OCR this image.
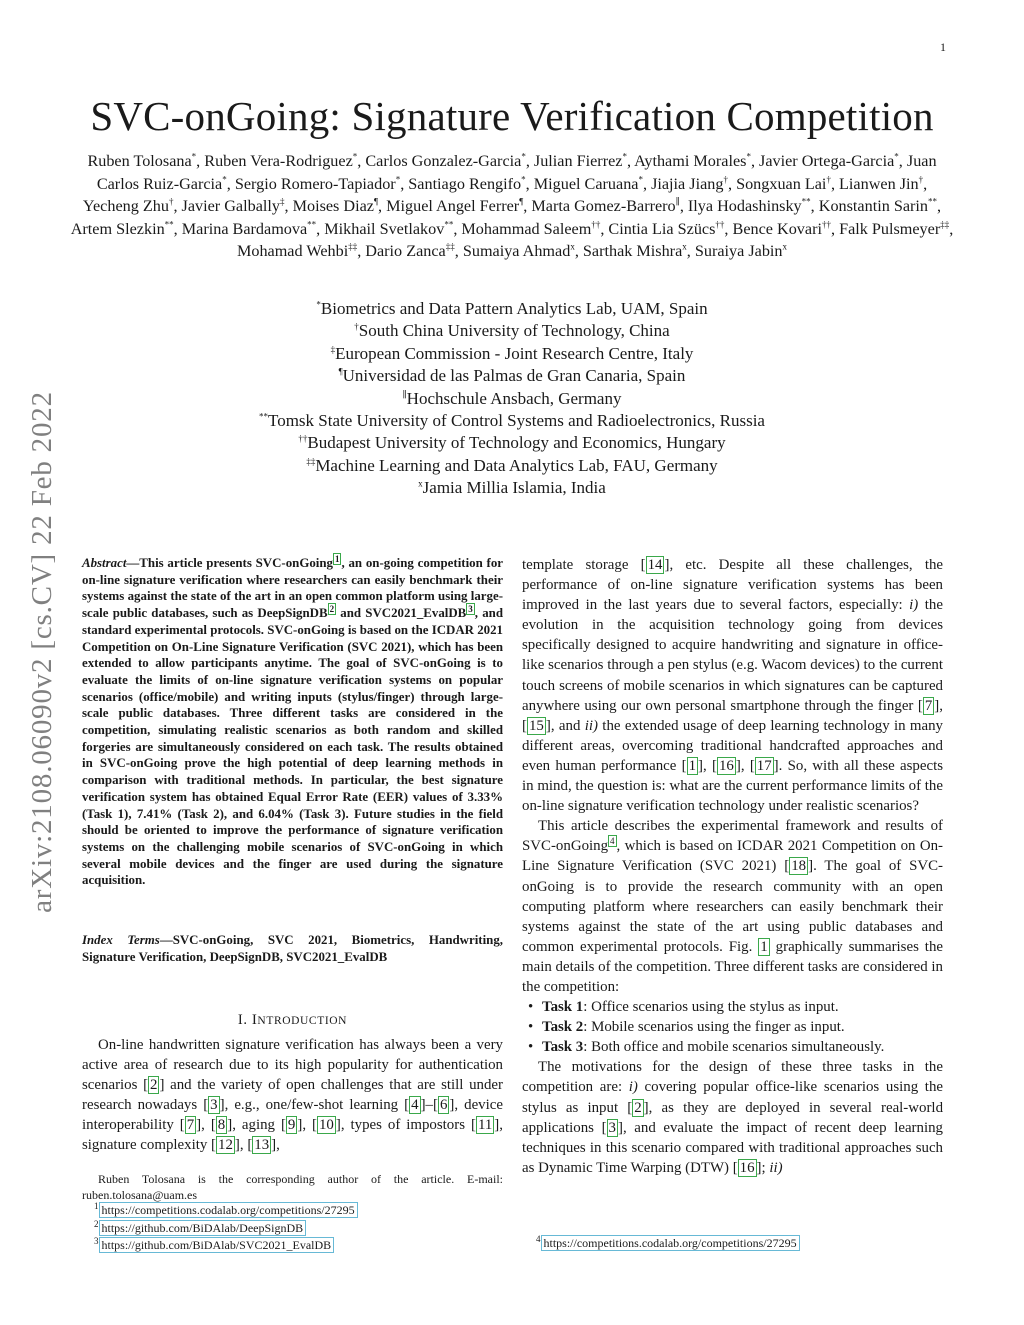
1
arXiv:2108.06090v2 [cs.CV] 22 Feb 2022
SVC-onGoing: Signature Verification Competition
Ruben Tolosana*, Ruben Vera-Rodriguez*, Carlos Gonzalez-Garcia*, Julian Fierrez*, Aythami Morales*, Javier Ortega-Garcia*, Juan Carlos Ruiz-Garcia*, Sergio Romero-Tapiador*, Santiago Rengifo*, Miguel Caruana*, Jiajia Jiang†, Songxuan Lai†, Lianwen Jin†, Yecheng Zhu†, Javier Galbally‡, Moises Diaz¶, Miguel Angel Ferrer¶, Marta Gomez-Barrero∥, Ilya Hodashinsky**, Konstantin Sarin**, Artem Slezkin**, Marina Bardamova**, Mikhail Svetlakov**, Mohammad Saleem††, Cintia Lia Szücs††, Bence Kovari††, Falk Pulsmeyer‡‡, Mohamad Wehbi‡‡, Dario Zanca‡‡, Sumaiya Ahmad$^x$, Sarthak Mishra$^x$, Suraiya Jabin$^x$
*Biometrics and Data Pattern Analytics Lab, UAM, Spain
†South China University of Technology, China
‡European Commission - Joint Research Centre, Italy
¶Universidad de las Palmas de Gran Canaria, Spain
∥Hochschule Ansbach, Germany
**Tomsk State University of Control Systems and Radioelectronics, Russia
††Budapest University of Technology and Economics, Hungary
‡‡Machine Learning and Data Analytics Lab, FAU, Germany
$^x$Jamia Millia Islamia, India
Abstract—This article presents SVC-onGoing $^1$ , an on-going competition for on-line signature verification where researchers can easily benchmark their systems against the state of the art in an open common platform using large-scale public databases, such as DeepSignDB $^2$ and SVC2021_EvalDB $^3$ , and standard experimental protocols. SVC-onGoing is based on the ICDAR 2021 Competition on On-Line Signature Verification (SVC 2021), which has been extended to allow participants anytime. The goal of SVC-onGoing is to evaluate the limits of on-line signature verification systems on popular scenarios (office/mobile) and writing inputs (stylus/finger) through large-scale public databases. Three different tasks are considered in the competition, simulating realistic scenarios as both random and skilled forgeries are simultaneously considered on each task. The results obtained in SVC-onGoing prove the high potential of deep learning methods in comparison with traditional methods. In particular, the best signature verification system has obtained Equal Error Rate (EER) values of 3.33% (Task 1), 7.41% (Task 2), and 6.04% (Task 3). Future studies in the field should be oriented to improve the performance of signature verification systems on the challenging mobile scenarios of SVC-onGoing in which several mobile devices and the finger are used during the signature acquisition.
Index Terms—SVC-onGoing, SVC 2021, Biometrics, Handwriting, Signature Verification, DeepSignDB, SVC2021_EvalDB
I. INTRODUCTION

On-line handwritten signature verification has always been a very active area of research due to its high popularity for authentication scenarios [ 2 ] and the variety of open challenges that are still under research nowadays [ 3 ], e.g., one/few-shot learning [ 4 ]–[ 6 ], device interoperability [ 7 ], [ 8 ], aging [ 9 ], [ 10 ], types of impostors [ 11 ], signature complexity [ 12 ], [ 13 ],

Ruben Tolosana is the corresponding author of the article. E-mail: ruben.tolosana@uam.es

$^1$ https://competitions.codalab.org/competitions/27295

$^2$ https://github.com/BiDAlab/DeepSignDB

$^3$ https://github.com/BiDAlab/SVC2021_EvalDB

template storage [ 14 ], etc. Despite all these challenges, the performance of on-line signature verification systems has been improved in the last years due to several factors, especially: i) the evolution in the acquisition technology going from devices specifically designed to acquire handwriting and signature in office-like scenarios through a pen stylus (e.g. Wacom devices) to the current touch screens of mobile scenarios in which signatures can be captured anywhere using our own personal smartphone through the finger [ 7 ], [ 15 ], and ii) the extended usage of deep learning technology in many different areas, overcoming traditional handcrafted approaches and even human performance [ 1 ], [ 16 ], [ 17 ]. So, with all these aspects in mind, the question is: what are the current performance limits of the on-line signature verification technology under realistic scenarios?

This article describes the experimental framework and results of SVC-onGoing $^4$ , which is based on ICDAR 2021 Competition on On-Line Signature Verification (SVC 2021) [ 18 ]. The goal of SVC-onGoing is to provide the research community with an open computing platform where researchers can easily benchmark their systems against the state of the art using public databases and common experimental protocols. Fig. 1 graphically summarises the main details of the competition. Three different tasks are considered in the competition:

• Task 1: Office scenarios using the stylus as input.
• Task 2: Mobile scenarios using the finger as input.
• Task 3: Both office and mobile scenarios simultaneously.

The motivations for the design of these three tasks in the competition are: i) covering popular office-like scenarios using the stylus as input [ 2 ], as they are deployed in several real-world applications [ 3 ], and evaluate the impact of recent deep learning techniques in this scenario compared with traditional approaches such as Dynamic Time Warping (DTW) [ 16 ]; ii)

$^4$ https://competitions.codalab.org/competitions/27295
